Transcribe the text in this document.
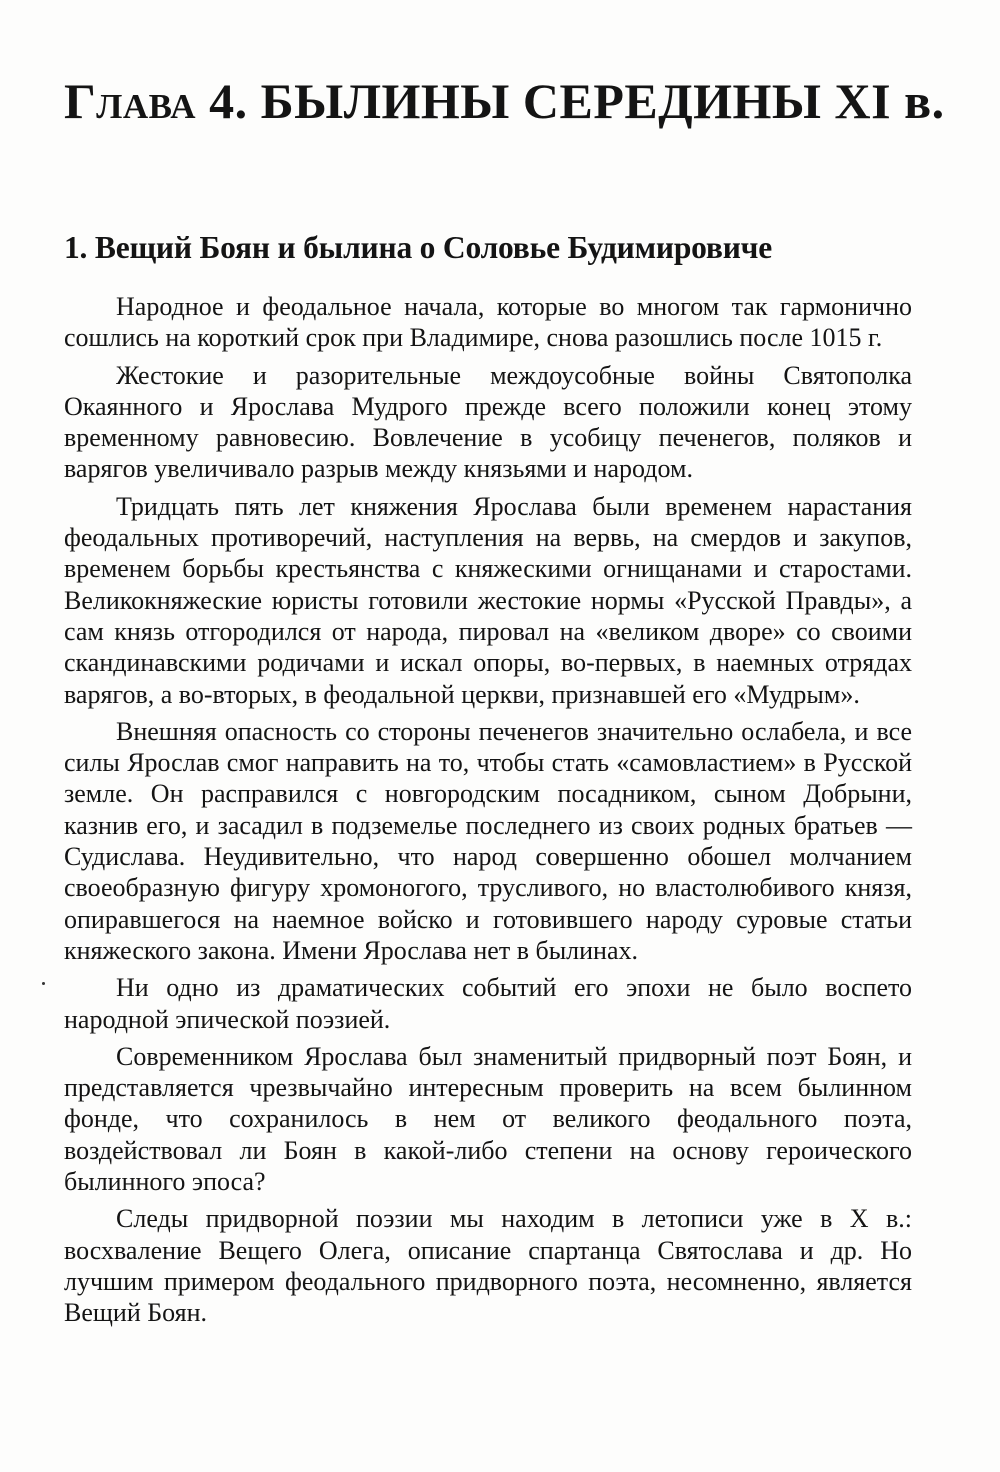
Глава 4. БЫЛИНЫ СЕРЕДИНЫ XI в.
1. Вещий Боян и былина о Соловье Будимировиче

Народное и феодальное начала, которые во многом так гармонично сошлись на короткий срок при Владимире, снова разошлись после 1015 г.

Жестокие и разорительные междоусобные войны Святополка Окаянного и Ярослава Мудрого прежде всего положили конец этому временному равновесию. Вовлечение в усобицу печенегов, поляков и варягов увеличивало разрыв между князьями и народом.

Тридцать пять лет княжения Ярослава были временем нарастания феодальных противоречий, наступления на вервь, на смердов и закупов, временем борьбы крестьянства с княжескими огнищанами и старостами. Великокняжеские юристы готовили жестокие нормы «Русской Правды», а сам князь отгородился от народа, пировал на «великом дворе» со своими скандинавскими родичами и искал опоры, во-первых, в наемных отрядах варягов, а во-вторых, в феодальной церкви, признавшей его «Мудрым».

Внешняя опасность со стороны печенегов значительно ослабела, и все силы Ярослав смог направить на то, чтобы стать «самовластием» в Русской земле. Он расправился с новгородским посадником, сыном Добрыни, казнив его, и засадил в подземелье последнего из своих родных братьев — Судислава. Неудивительно, что народ совершенно обошел молчанием своеобразную фигуру хромоногого, трусливого, но властолюбивого князя, опиравшегося на наемное войско и готовившего народу суровые статьи княжеского закона. Имени Ярослава нет в былинах.

Ни одно из драматических событий его эпохи не было воспето народной эпической поэзией.

Современником Ярослава был знаменитый придворный поэт Боян, и представляется чрезвычайно интересным проверить на всем былинном фонде, что сохранилось в нем от великого феодального поэта, воздействовал ли Боян в какой-либо степени на основу героического былинного эпоса?

Следы придворной поэзии мы находим в летописи уже в X в.: восхваление Вещего Олега, описание спартанца Святослава и др. Но лучшим примером феодального придворного поэта, несомненно, является Вещий Боян.
